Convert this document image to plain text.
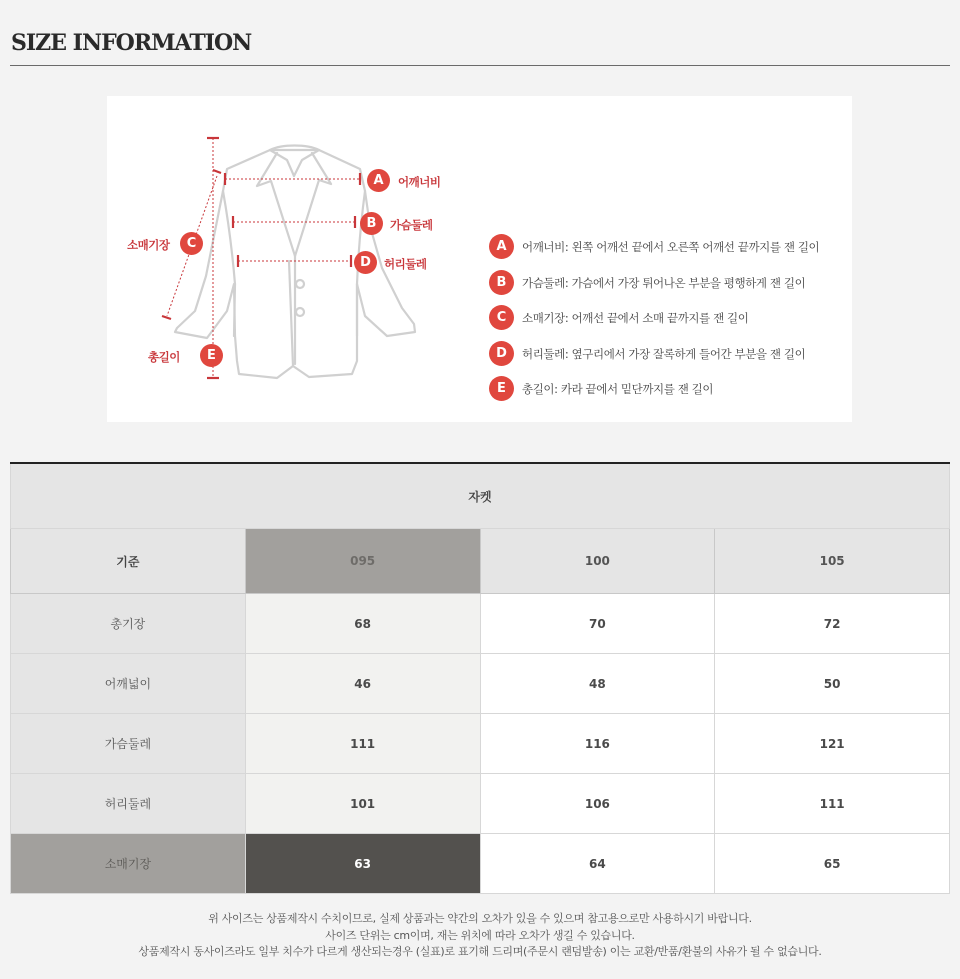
SIZE INFORMATION
A	어깨너비
B	가슴둘레
C
소매기장
D	허리둘레
E
총길이
A	어깨너비: 왼쪽 어깨선 끝에서 오른쪽 어깨선 끝까지를 잰 길이
B	가슴둘레: 가슴에서 가장 튀어나온 부분을 평행하게 잰 길이
C	소매기장: 어깨선 끝에서 소매 끝까지를 잰 길이
D	허리둘레: 옆구리에서 가장 잘록하게 들어간 부분을 잰 길이
E	총길이: 카라 끝에서 밑단까지를 잰 길이
자켓			
기준	095	100	105
총기장	68	70	72
어깨넓이	46	48	50
가슴둘레	111	116	121
허리둘레	101	106	111
소매기장	63	64	65
위 사이즈는 상품제작시 수치이므로, 실제 상품과는 약간의 오차가 있을 수 있으며 참고용으로만 사용하시기 바랍니다.
사이즈 단위는 cm이며, 재는 위치에 따라 오차가 생길 수 있습니다.
상품제작시 동사이즈라도 일부 치수가 다르게 생산되는경우 (실표)로 표기해 드리며(주문시 랜덤발송) 이는 교환/반품/환불의 사유가 될 수 없습니다.
